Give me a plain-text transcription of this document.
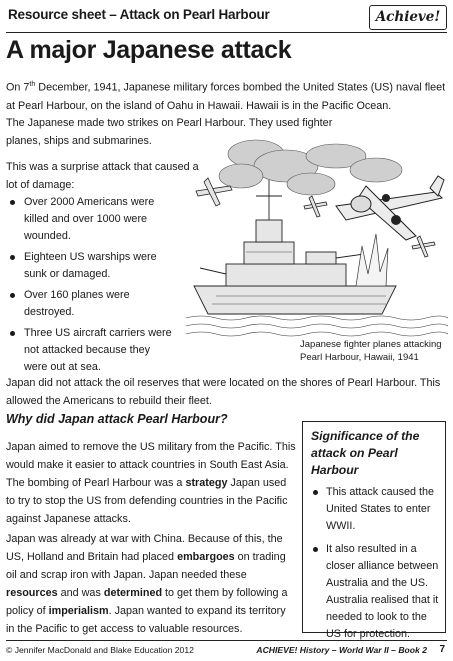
Resource sheet – Attack on Pearl Harbour	Achieve!
A major Japanese attack

On 7th December, 1941, Japanese military forces bombed the United States (US) naval fleet at Pearl Harbour, on the island of Oahu in Hawaii. Hawaii is in the Pacific Ocean.

The Japanese made two strikes on Pearl Harbour. They used fighter planes, ships and submarines.

This was a surprise attack that caused a lot of damage:

Over 2000 Americans were killed and over 1000 were wounded.
Eighteen US warships were sunk or damaged.
Over 160 planes were destroyed.
Three US aircraft carriers were not attacked because they were out at sea.
Japanese fighter planes attacking Pearl Harbour, Hawaii, 1941

Japan did not attack the oil reserves that were located on the shores of Pearl Harbour. This allowed the Americans to rebuild their fleet.

Why did Japan attack Pearl Harbour?

Japan aimed to remove the US military from the Pacific. This would make it easier to attack countries in South East Asia. The bombing of Pearl Harbour was a strategy Japan used to try to stop the US from defending countries in the Pacific against Japanese attacks.

Japan was already at war with China. Because of this, the US, Holland and Britain had placed embargoes on trading oil and scrap iron with Japan. Japan needed these resources and was determined to get them by following a policy of imperialism. Japan wanted to expand its territory in the Pacific to get access to valuable resources.

Significance of the attack on Pearl Harbour
This attack caused the United States to enter WWII.
It also resulted in a closer alliance between Australia and the US. Australia realised that it needed to look to the US for protection.
© Jennifer MacDonald and Blake Education 2012	ACHIEVE! History – World War II – Book 2 7
